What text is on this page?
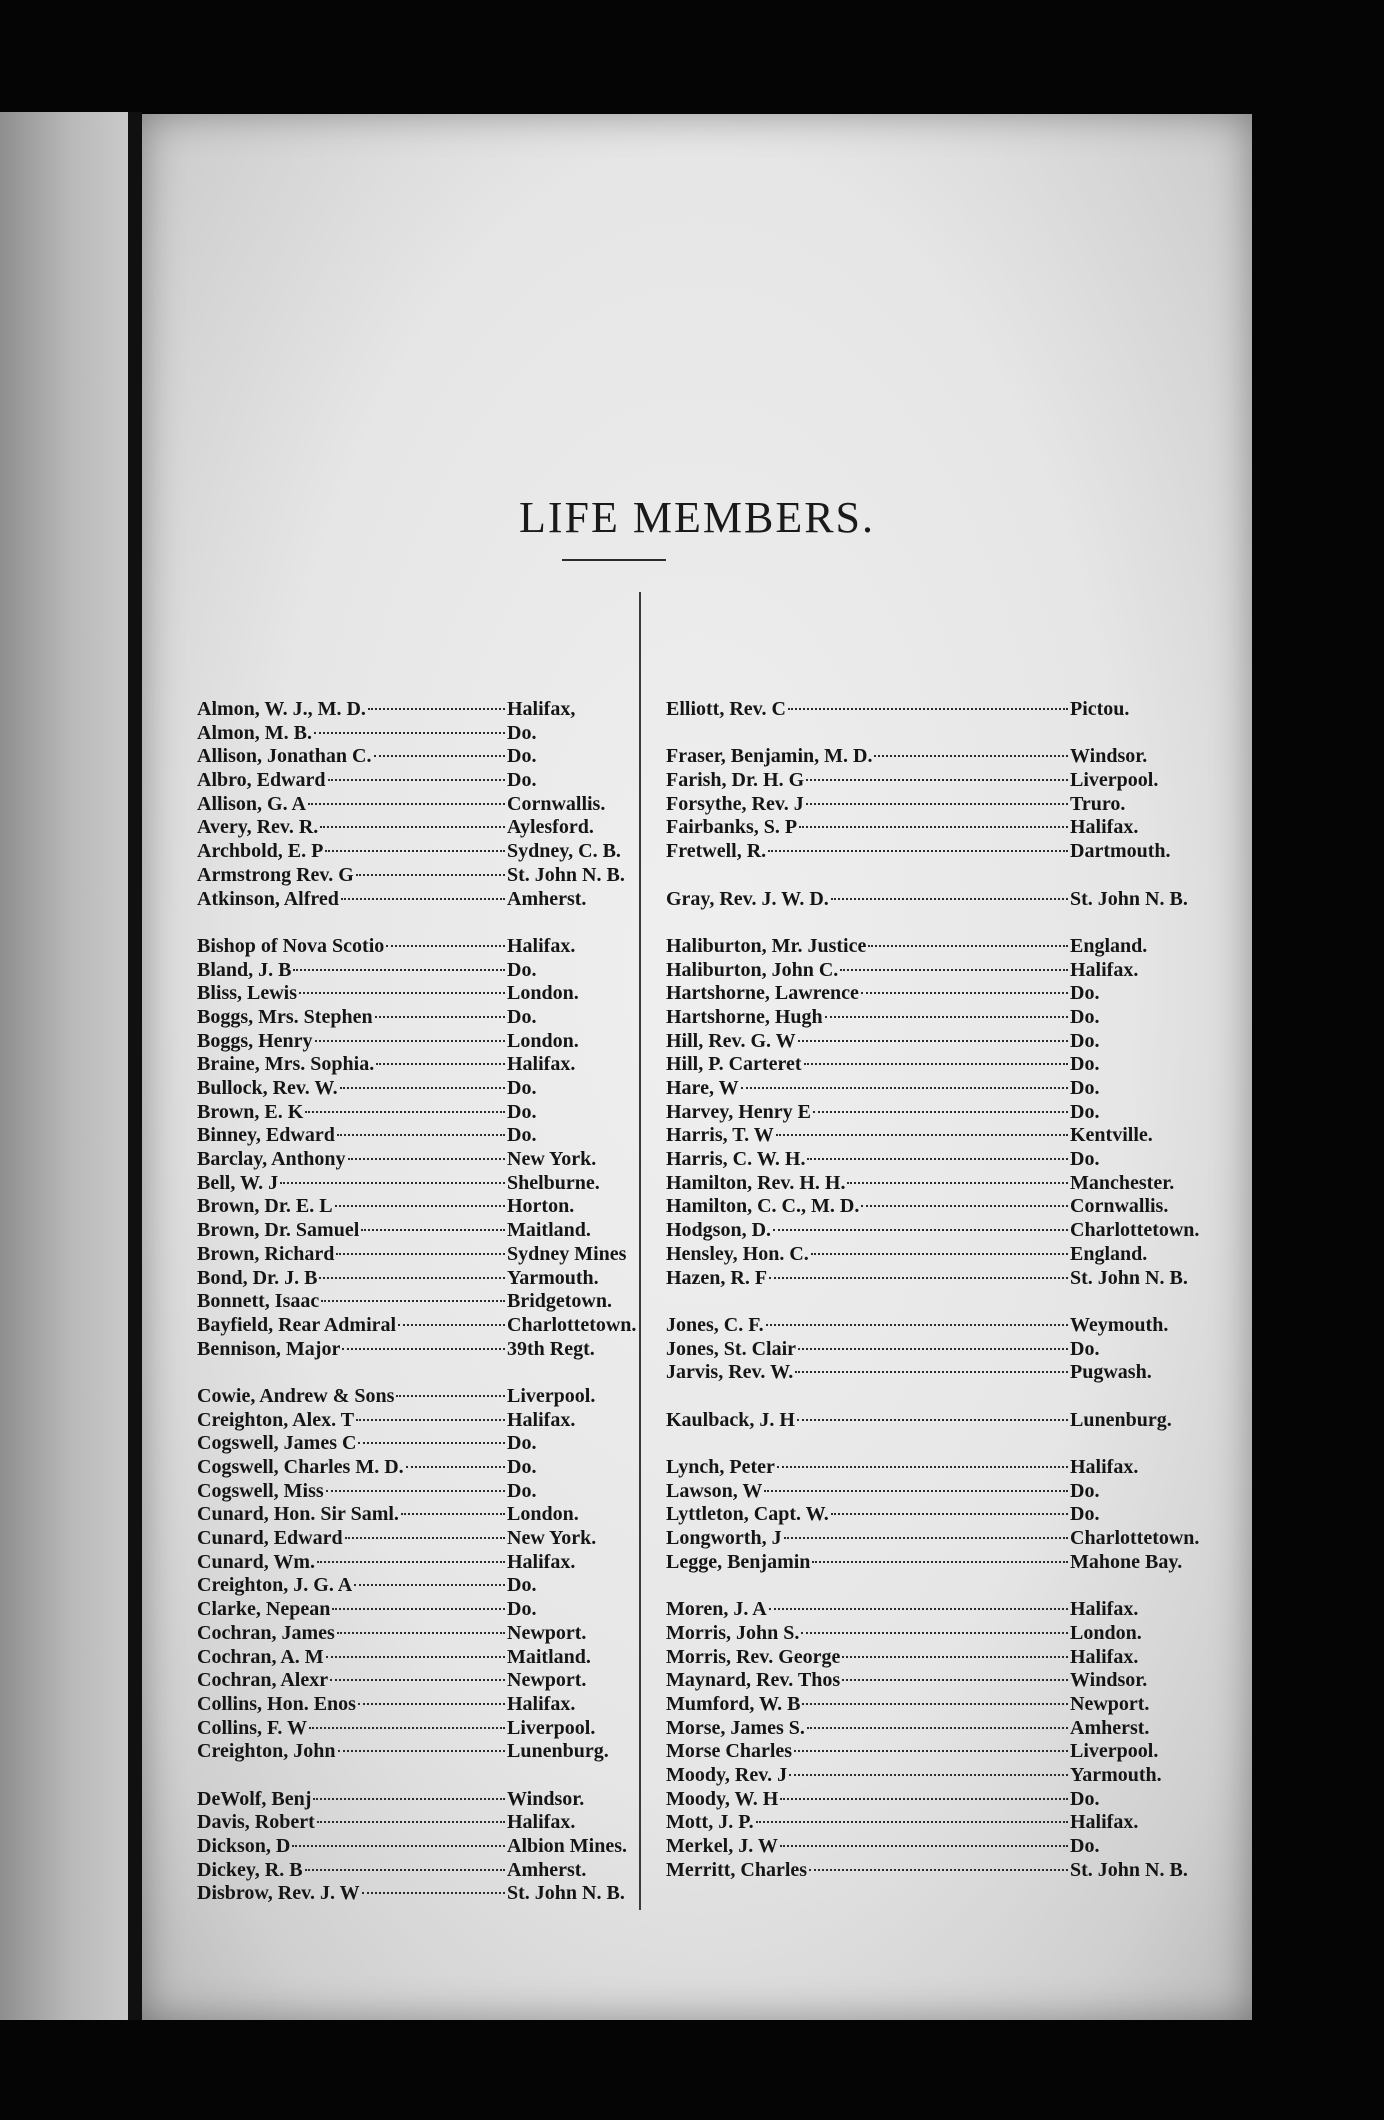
LIFE MEMBERS.
Almon, W. J., M. D.	Halifax,
Almon, M. B.	Do.
Allison, Jonathan C.	Do.
Albro, Edward	Do.
Allison, G. A	Cornwallis.
Avery, Rev. R.	Aylesford.
Archbold, E. P	Sydney, C. B.
Armstrong Rev. G	St. John N. B.
Atkinson, Alfred	Amherst.
Bishop of Nova Scotio	Halifax.
Bland, J. B	Do.
Bliss, Lewis	London.
Boggs, Mrs. Stephen	Do.
Boggs, Henry	London.
Braine, Mrs. Sophia.	Halifax.
Bullock, Rev. W.	Do.
Brown, E. K	Do.
Binney, Edward	Do.
Barclay, Anthony	New York.
Bell, W. J	Shelburne.
Brown, Dr. E. L	Horton.
Brown, Dr. Samuel	Maitland.
Brown, Richard	Sydney Mines
Bond, Dr. J. B	Yarmouth.
Bonnett, Isaac	Bridgetown.
Bayfield, Rear Admiral	Charlottetown.
Bennison, Major	39th Regt.
Cowie, Andrew & Sons	Liverpool.
Creighton, Alex. T	Halifax.
Cogswell, James C	Do.
Cogswell, Charles M. D.	Do.
Cogswell, Miss	Do.
Cunard, Hon. Sir Saml.	London.
Cunard, Edward	New York.
Cunard, Wm.	Halifax.
Creighton, J. G. A	Do.
Clarke, Nepean	Do.
Cochran, James	Newport.
Cochran, A. M	Maitland.
Cochran, Alexr	Newport.
Collins, Hon. Enos	Halifax.
Collins, F. W	Liverpool.
Creighton, John	Lunenburg.
DeWolf, Benj	Windsor.
Davis, Robert	Halifax.
Dickson, D	Albion Mines.
Dickey, R. B	Amherst.
Disbrow, Rev. J. W	St. John N. B.
Elliott, Rev. C	Pictou.
Fraser, Benjamin, M. D.	Windsor.
Farish, Dr. H. G	Liverpool.
Forsythe, Rev. J	Truro.
Fairbanks, S. P	Halifax.
Fretwell, R.	Dartmouth.
Gray, Rev. J. W. D.	St. John N. B.
Haliburton, Mr. Justice	England.
Haliburton, John C.	Halifax.
Hartshorne, Lawrence	Do.
Hartshorne, Hugh	Do.
Hill, Rev. G. W	Do.
Hill, P. Carteret	Do.
Hare, W	Do.
Harvey, Henry E	Do.
Harris, T. W	Kentville.
Harris, C. W. H.	Do.
Hamilton, Rev. H. H.	Manchester.
Hamilton, C. C., M. D.	Cornwallis.
Hodgson, D.	Charlottetown.
Hensley, Hon. C.	England.
Hazen, R. F	St. John N. B.
Jones, C. F.	Weymouth.
Jones, St. Clair	Do.
Jarvis, Rev. W.	Pugwash.
Kaulback, J. H	Lunenburg.
Lynch, Peter	Halifax.
Lawson, W	Do.
Lyttleton, Capt. W.	Do.
Longworth, J	Charlottetown.
Legge, Benjamin	Mahone Bay.
Moren, J. A	Halifax.
Morris, John S.	London.
Morris, Rev. George	Halifax.
Maynard, Rev. Thos	Windsor.
Mumford, W. B	Newport.
Morse, James S.	Amherst.
Morse Charles	Liverpool.
Moody, Rev. J	Yarmouth.
Moody, W. H	Do.
Mott, J. P.	Halifax.
Merkel, J. W	Do.
Merritt, Charles	St. John N. B.
